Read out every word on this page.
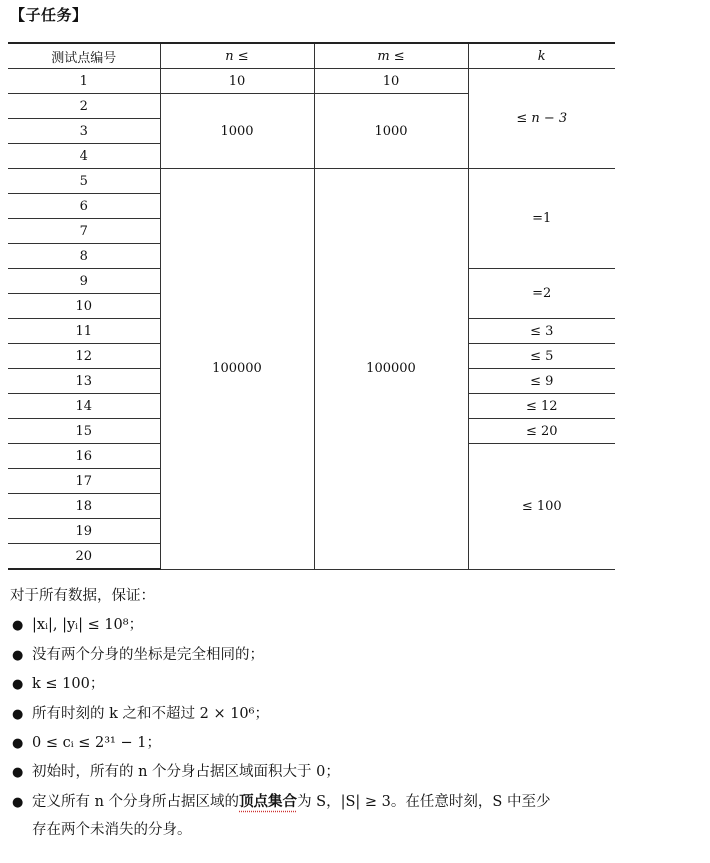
【子任务】
测试点编号	n ≤	m ≤	k
1	10	10	≤ n − 3
2	1000	1000	
3			
4			
5	100000	100000	=1
6			
7			
8			
9			=2
10			
11			≤ 3
12			≤ 5
13			≤ 9
14			≤ 12
15			≤ 20
16			≤ 100
17			
18			
19			
20			
对于所有数据，保证：
● |xᵢ|, |yᵢ| ≤ 10⁸；
● 没有两个分身的坐标是完全相同的；
● k ≤ 100；
● 所有时刻的 k 之和不超过 2 × 10⁶；
● 0 ≤ cᵢ ≤ 2³¹ − 1；
● 初始时，所有的 n 个分身占据区域面积大于 0；
● 定义所有 n 个分身所占据区域的顶点集合为 S，|S| ≥ 3。在任意时刻，S 中至少
存在两个未消失的分身。
